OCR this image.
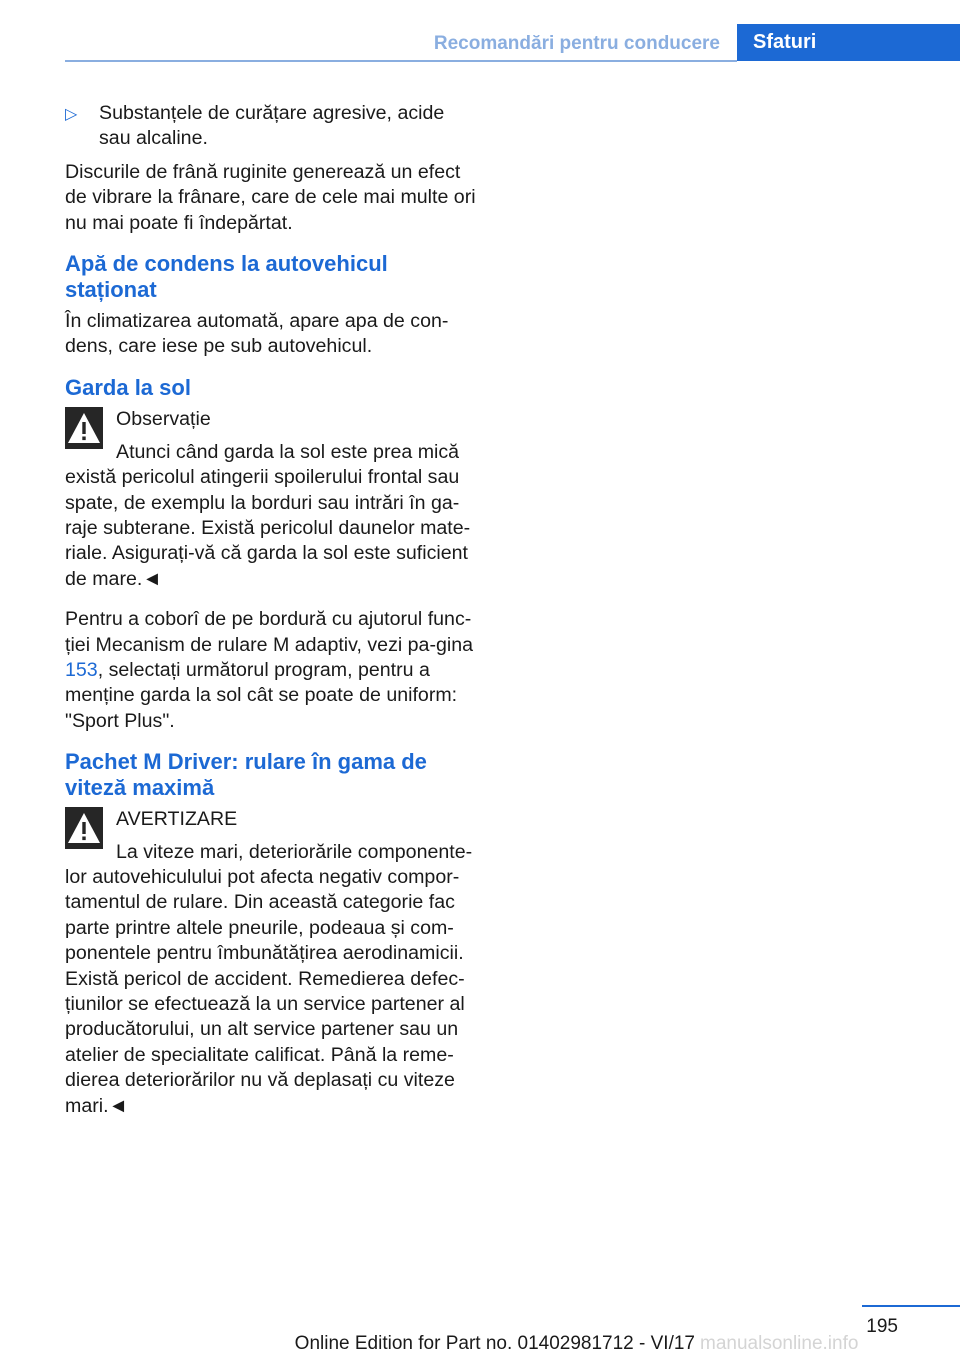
Recomandări pentru conducere	Sfaturi
▷ Substanțele de curățare agresive, acide sau alcaline.

Discurile de frână ruginite generează un efect de vibrare la frânare, care de cele mai multe ori nu mai poate fi îndepărtat.

Apă de condens la autovehicul staționat

În climatizarea automată, apare apa de con-dens, care iese pe sub autovehicul.

Garda la sol
Observație
Atunci când garda la sol este prea mică

există pericolul atingerii spoilerului frontal sau spate, de exemplu la borduri sau intrări în ga-raje subterane. Există pericolul daunelor mate-riale. Asigurați-vă că garda la sol este suficient de mare.◄

Pentru a coborî de pe bordură cu ajutorul func-ției Mecanism de rulare M adaptiv, vezi pa-gina 153, selectați următorul program, pentru a menține garda la sol cât se poate de uniform: "Sport Plus".

Pachet M Driver: rulare în gama de viteză maximă
AVERTIZARE
La viteze mari, deteriorările componente-

lor autovehiculului pot afecta negativ compor-tamentul de rulare. Din această categorie fac parte printre altele pneurile, podeaua și com-ponentele pentru îmbunătățirea aerodinamicii. Există pericol de accident. Remedierea defec-țiunilor se efectuează la un service partener al producătorului, un alt service partener sau un atelier de specialitate calificat. Până la reme-dierea deteriorărilor nu vă deplasați cu viteze mari.◄

195
Online Edition for Part no. 01402981712 - VI/17 manualsonline.info
